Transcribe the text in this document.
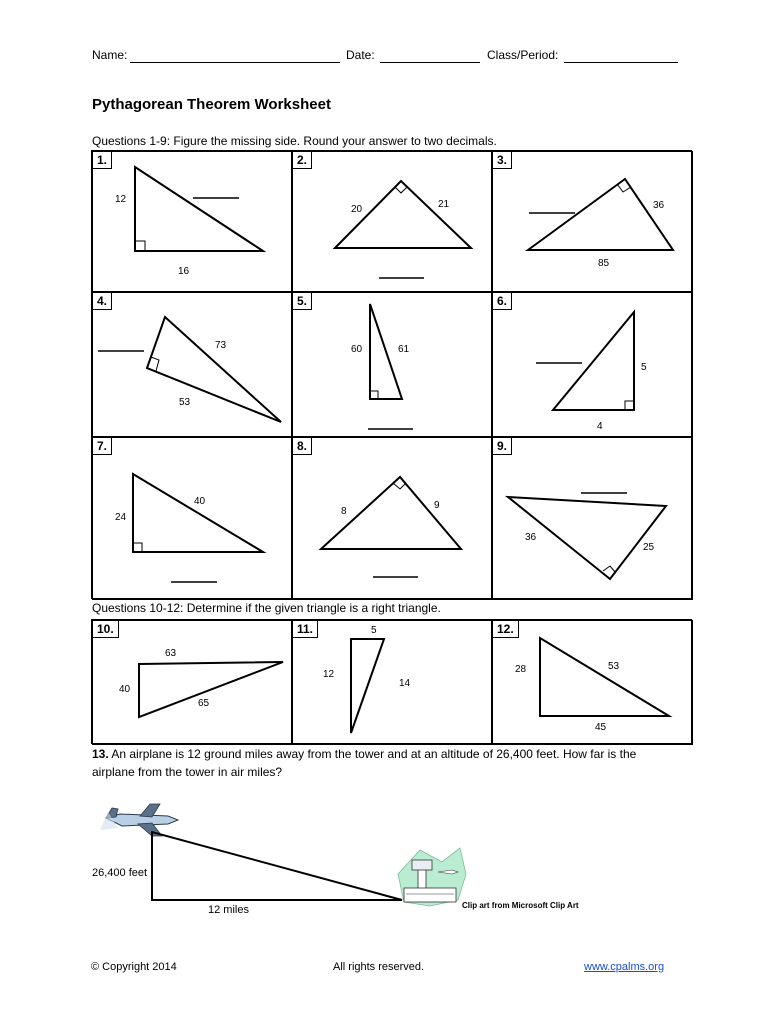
Name:	Date:	Class/Period:
Pythagorean Theorem Worksheet
Questions 1-9: Figure the missing side. Round your answer to two decimals.
1.
12
16
2.
20	21
3.
36
85
4.
73
53
5.
60	61
6.
5
4
7.
24
40
8.
8
9
9.
36
25
Questions 10-12: Determine if the given triangle is a right triangle.
10.
63
40
65
11.	5
12
14
12.
28	53
45
13. An airplane is 12 ground miles away from the tower and at an altitude of 26,400 feet. How far is the airplane from the tower in air miles?
26,400 feet
12 miles	Clip art from Microsoft Clip Art
© Copyright 2014	All rights reserved.	www.cpalms.org
